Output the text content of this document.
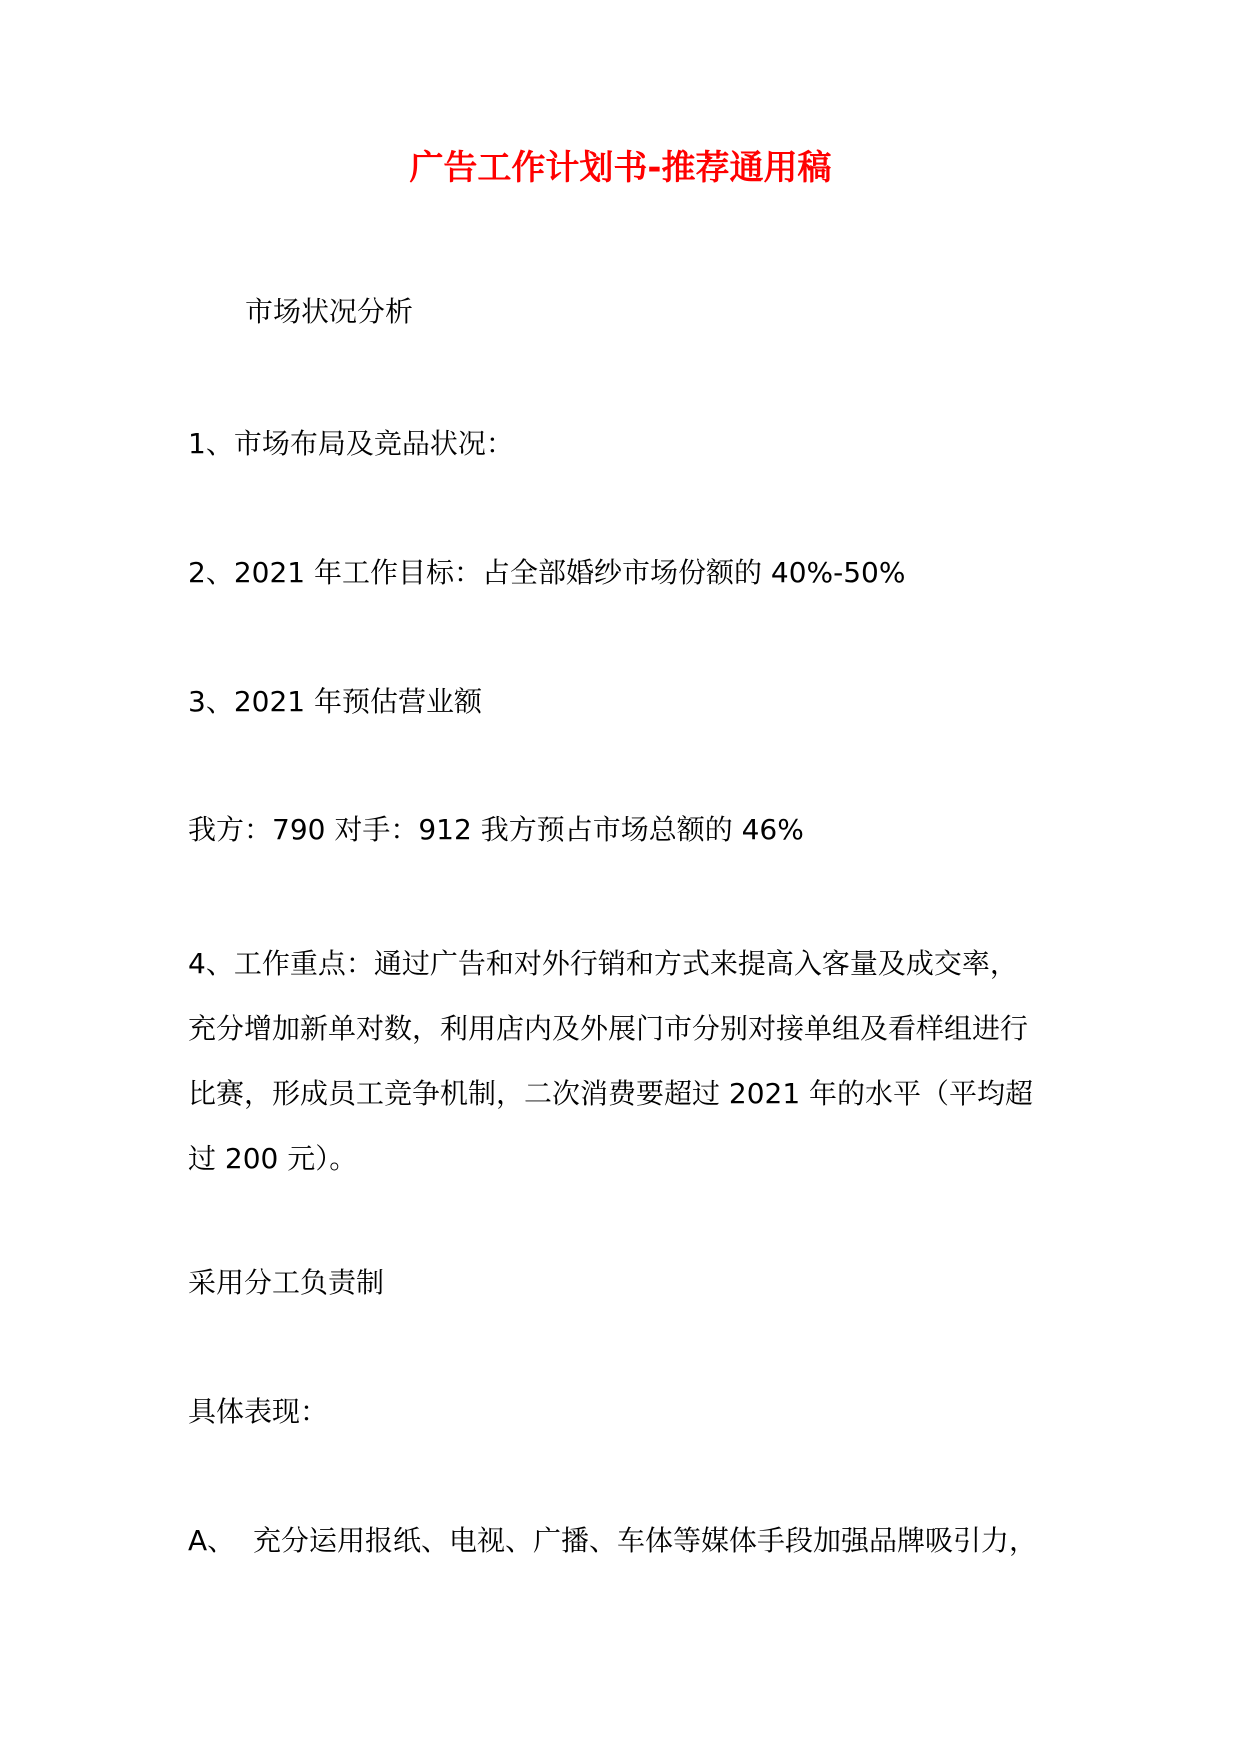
广告工作计划书-推荐通用稿
市场状况分析
1、市场布局及竞品状况：
2、2021 年工作目标：占全部婚纱市场份额的 40%-50%
3、2021 年预估营业额
我方：790 对手：912 我方预占市场总额的 46%
4、工作重点：通过广告和对外行销和方式来提高入客量及成交率，
充分增加新单对数，利用店内及外展门市分别对接单组及看样组进行
比赛，形成员工竞争机制，二次消费要超过 2021 年的水平（平均超
过 200 元）。
采用分工负责制
具体表现：
A、  充分运用报纸、电视、广播、车体等媒体手段加强品牌吸引力，
